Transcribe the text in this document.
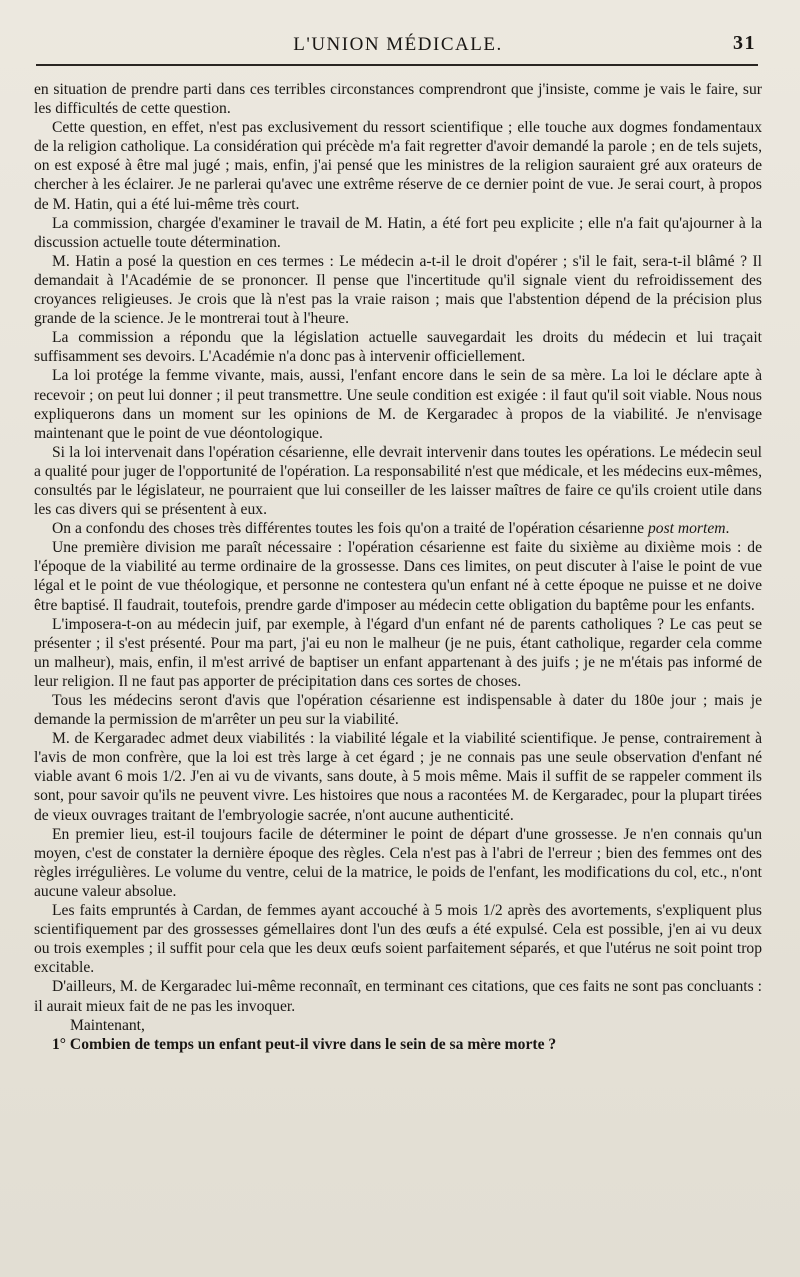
L'UNION MÉDICALE.	31

en situation de prendre parti dans ces terribles circonstances comprendront que j'insiste, comme je vais le faire, sur les difficultés de cette question.

Cette question, en effet, n'est pas exclusivement du ressort scientifique ; elle touche aux dogmes fondamentaux de la religion catholique. La considération qui précède m'a fait regretter d'avoir demandé la parole ; en de tels sujets, on est exposé à être mal jugé ; mais, enfin, j'ai pensé que les ministres de la religion sauraient gré aux orateurs de chercher à les éclairer. Je ne parlerai qu'avec une extrême réserve de ce dernier point de vue. Je serai court, à propos de M. Hatin, qui a été lui-même très court.

La commission, chargée d'examiner le travail de M. Hatin, a été fort peu explicite ; elle n'a fait qu'ajourner à la discussion actuelle toute détermination.

M. Hatin a posé la question en ces termes : Le médecin a-t-il le droit d'opérer ; s'il le fait, sera-t-il blâmé ? Il demandait à l'Académie de se prononcer. Il pense que l'incertitude qu'il signale vient du refroidissement des croyances religieuses. Je crois que là n'est pas la vraie raison ; mais que l'abstention dépend de la précision plus grande de la science. Je le montrerai tout à l'heure.

La commission a répondu que la législation actuelle sauvegardait les droits du médecin et lui traçait suffisamment ses devoirs. L'Académie n'a donc pas à intervenir officiellement.

La loi protége la femme vivante, mais, aussi, l'enfant encore dans le sein de sa mère. La loi le déclare apte à recevoir ; on peut lui donner ; il peut transmettre. Une seule condition est exigée : il faut qu'il soit viable. Nous nous expliquerons dans un moment sur les opinions de M. de Kergaradec à propos de la viabilité. Je n'envisage maintenant que le point de vue déontologique.

Si la loi intervenait dans l'opération césarienne, elle devrait intervenir dans toutes les opérations. Le médecin seul a qualité pour juger de l'opportunité de l'opération. La responsabilité n'est que médicale, et les médecins eux-mêmes, consultés par le législateur, ne pourraient que lui conseiller de les laisser maîtres de faire ce qu'ils croient utile dans les cas divers qui se présentent à eux.

On a confondu des choses très différentes toutes les fois qu'on a traité de l'opération césarienne post mortem.

Une première division me paraît nécessaire : l'opération césarienne est faite du sixième au dixième mois : de l'époque de la viabilité au terme ordinaire de la grossesse. Dans ces limites, on peut discuter à l'aise le point de vue légal et le point de vue théologique, et personne ne contestera qu'un enfant né à cette époque ne puisse et ne doive être baptisé. Il faudrait, toutefois, prendre garde d'imposer au médecin cette obligation du baptême pour les enfants.

L'imposera-t-on au médecin juif, par exemple, à l'égard d'un enfant né de parents catholiques ? Le cas peut se présenter ; il s'est présenté. Pour ma part, j'ai eu non le malheur (je ne puis, étant catholique, regarder cela comme un malheur), mais, enfin, il m'est arrivé de baptiser un enfant appartenant à des juifs ; je ne m'étais pas informé de leur religion. Il ne faut pas apporter de précipitation dans ces sortes de choses.

Tous les médecins seront d'avis que l'opération césarienne est indispensable à dater du 180e jour ; mais je demande la permission de m'arrêter un peu sur la viabilité.

M. de Kergaradec admet deux viabilités : la viabilité légale et la viabilité scientifique. Je pense, contrairement à l'avis de mon confrère, que la loi est très large à cet égard ; je ne connais pas une seule observation d'enfant né viable avant 6 mois 1/2. J'en ai vu de vivants, sans doute, à 5 mois même. Mais il suffit de se rappeler comment ils sont, pour savoir qu'ils ne peuvent vivre. Les histoires que nous a racontées M. de Kergaradec, pour la plupart tirées de vieux ouvrages traitant de l'embryologie sacrée, n'ont aucune authenticité.

En premier lieu, est-il toujours facile de déterminer le point de départ d'une grossesse. Je n'en connais qu'un moyen, c'est de constater la dernière époque des règles. Cela n'est pas à l'abri de l'erreur ; bien des femmes ont des règles irrégulières. Le volume du ventre, celui de la matrice, le poids de l'enfant, les modifications du col, etc., n'ont aucune valeur absolue.

Les faits empruntés à Cardan, de femmes ayant accouché à 5 mois 1/2 après des avortements, s'expliquent plus scientifiquement par des grossesses gémellaires dont l'un des œufs a été expulsé. Cela est possible, j'en ai vu deux ou trois exemples ; il suffit pour cela que les deux œufs soient parfaitement séparés, et que l'utérus ne soit point trop excitable.

D'ailleurs, M. de Kergaradec lui-même reconnaît, en terminant ces citations, que ces faits ne sont pas concluants : il aurait mieux fait de ne pas les invoquer.

Maintenant,

1° Combien de temps un enfant peut-il vivre dans le sein de sa mère morte ?
